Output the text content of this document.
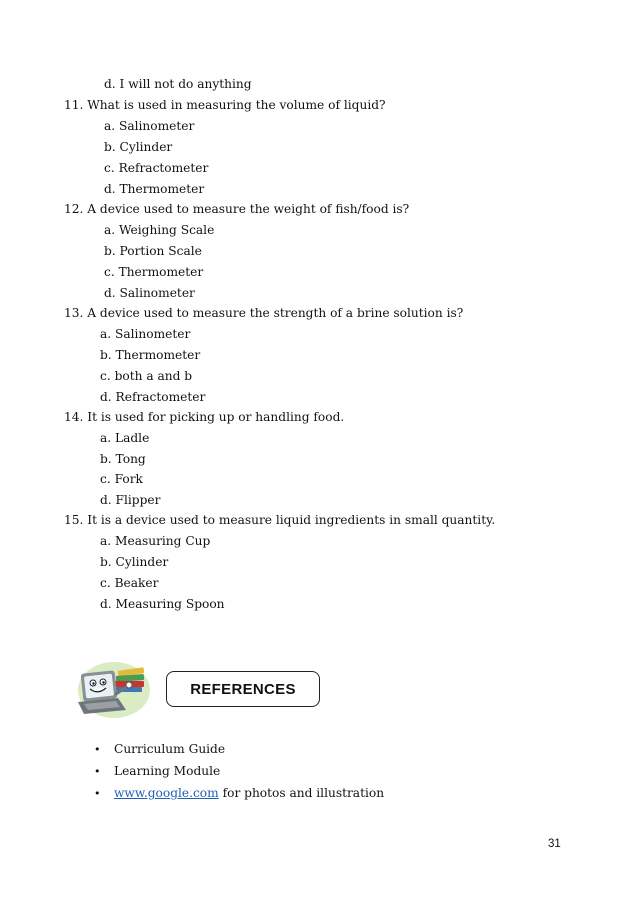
d. I will not do anything
11. What is used in measuring the volume of liquid?
a. Salinometer
b. Cylinder
c. Refractometer
d. Thermometer
12. A device used to measure the weight of fish/food is?
a. Weighing Scale
b. Portion Scale
c. Thermometer
d. Salinometer
13. A device used to measure the strength of a brine solution is?
a. Salinometer
b. Thermometer
c. both a and b
d. Refractometer
14. It is used for picking up or handling food.
a. Ladle
b. Tong
c. Fork
d. Flipper
15. It is a device used to measure liquid ingredients in small quantity.
a. Measuring Cup
b. Cylinder
c. Beaker
d. Measuring Spoon
REFERENCES
• Curriculum Guide
• Learning Module
• www.google.com for photos and illustration
31
